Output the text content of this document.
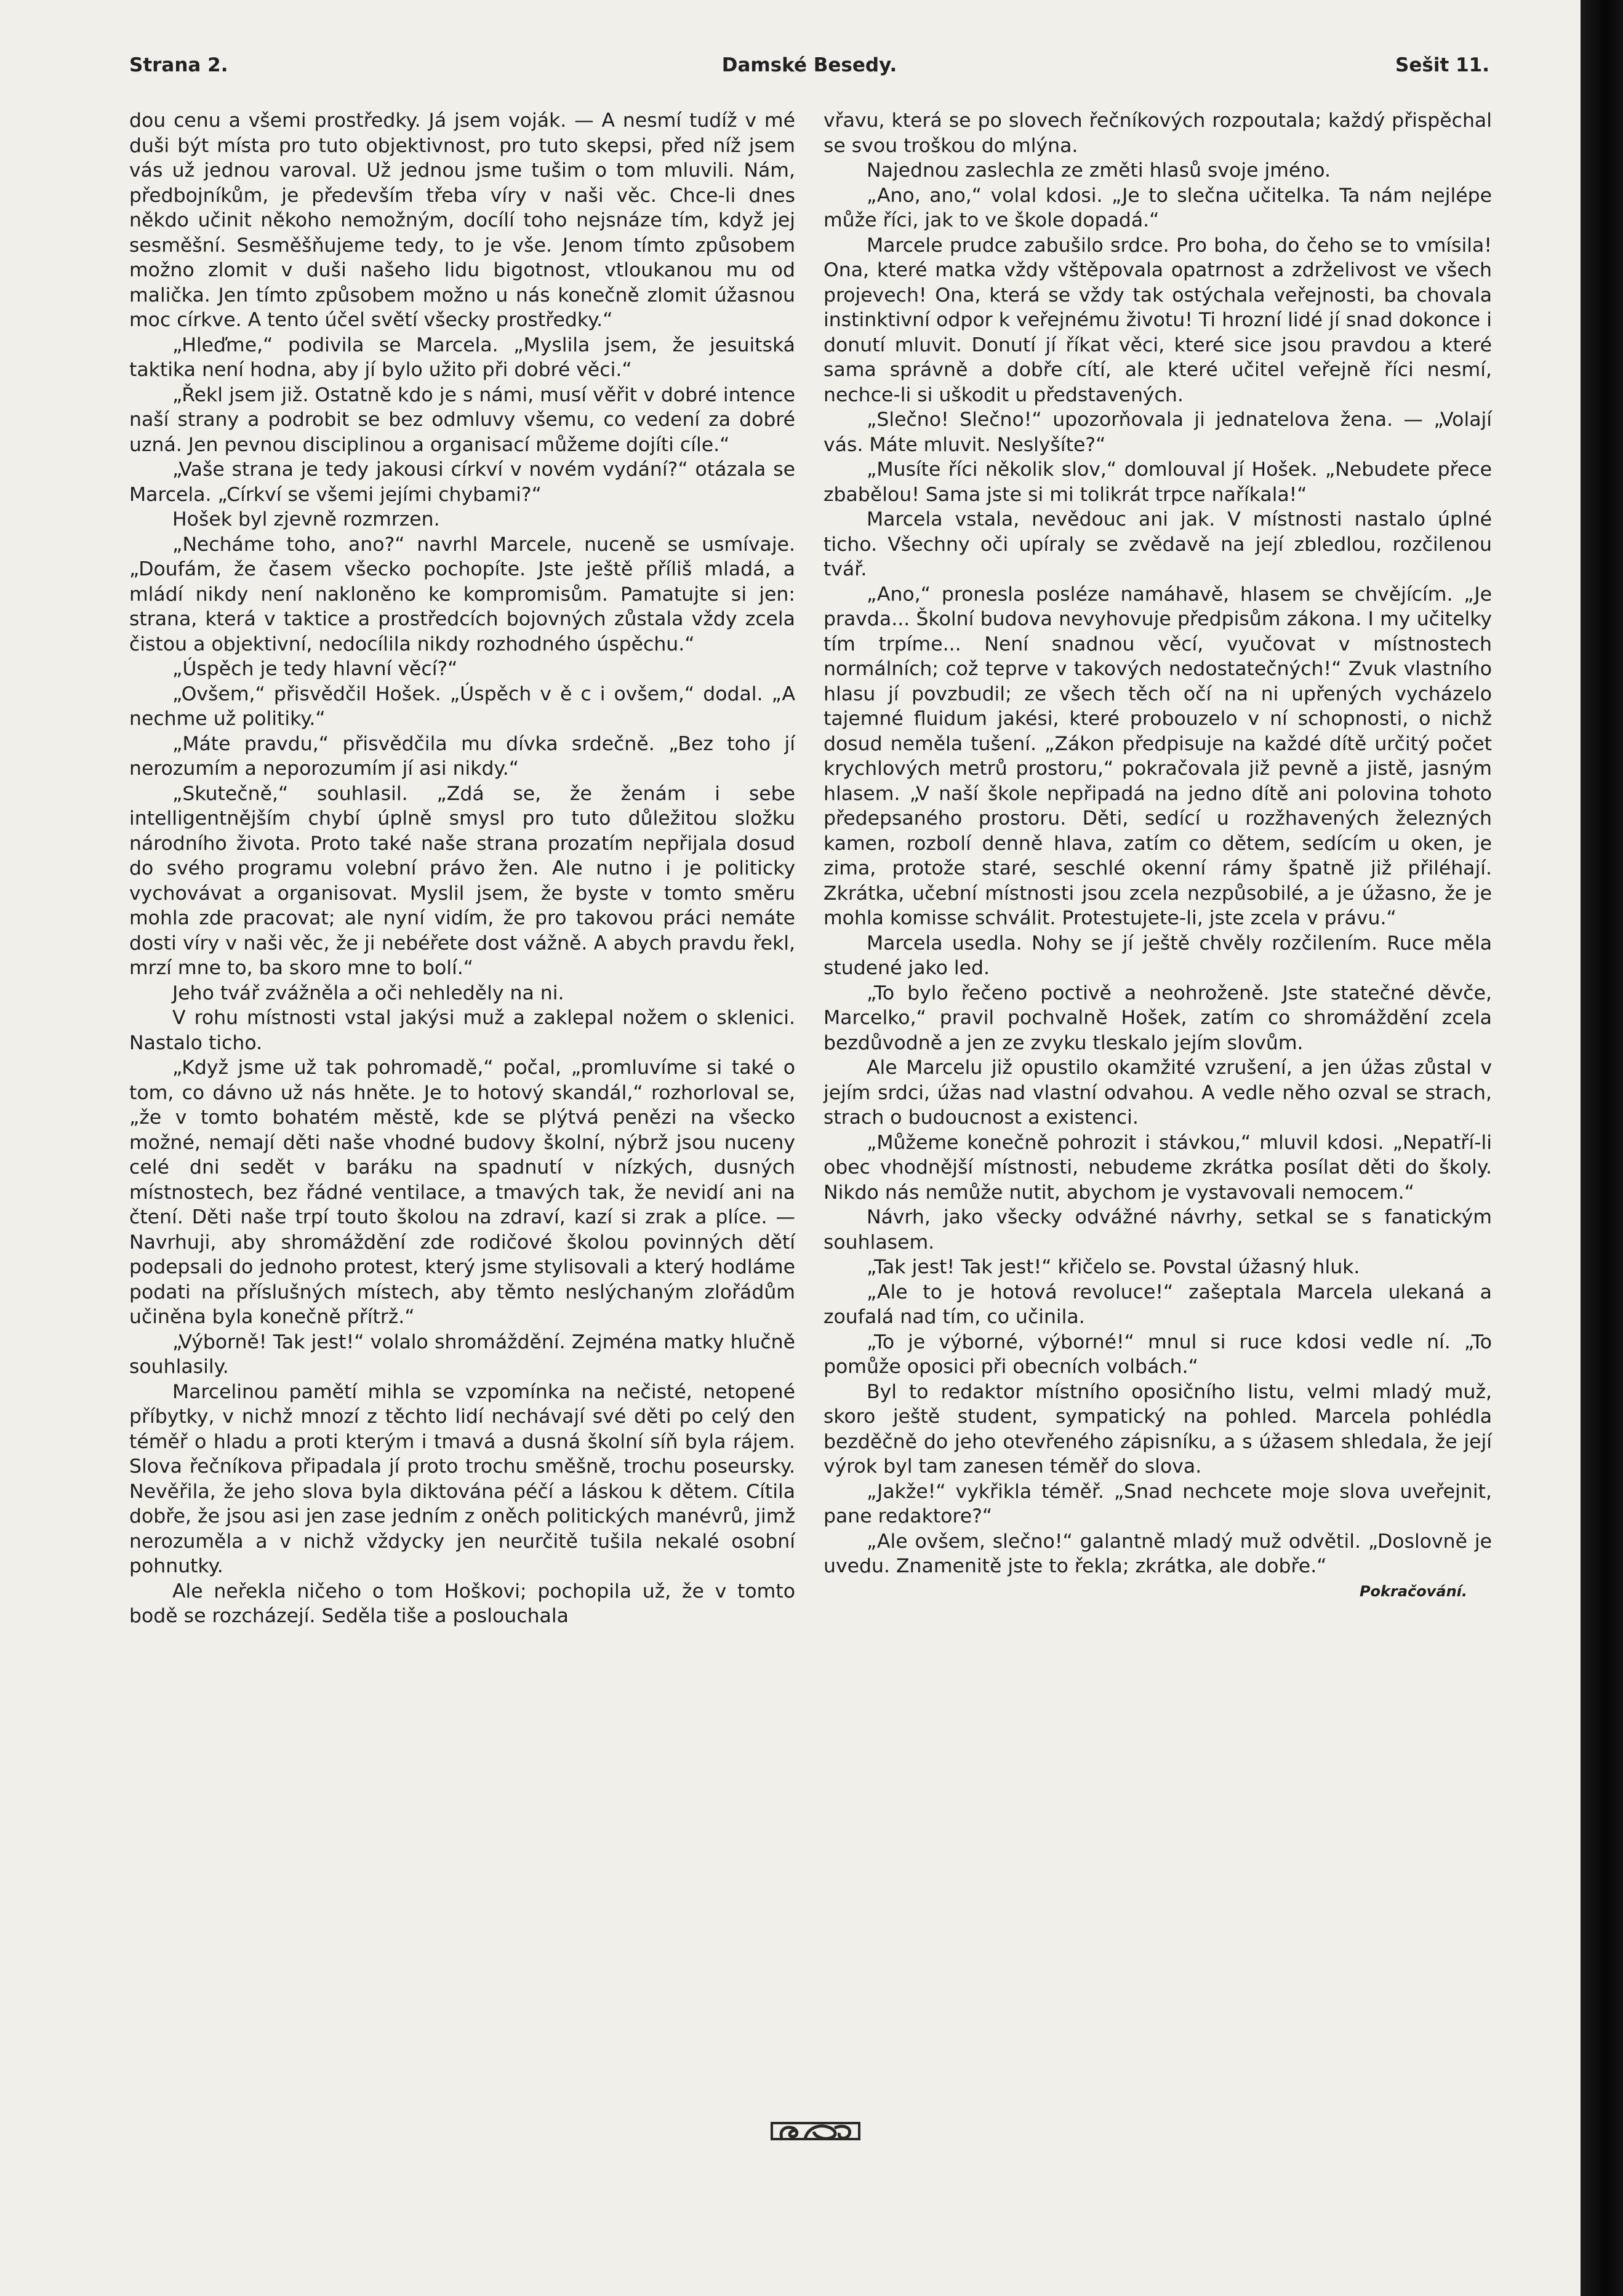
Strana 2.	Damské Besedy.	Sešit 11.

dou cenu a všemi prostředky. Já jsem voják. — A nesmí tudíž v mé duši být místa pro tuto objektivnost, pro tuto skepsi, před níž jsem vás už jednou varoval. Už jednou jsme tušim o tom mluvili. Nám, předbojníkům, je především třeba víry v naši věc. Chce-li dnes někdo učinit někoho nemožným, docílí toho nejsnáze tím, když jej sesměšní. Sesměšňujeme tedy, to je vše. Jenom tímto způsobem možno zlomit v duši našeho lidu bigotnost, vtloukanou mu od malička. Jen tímto způsobem možno u nás konečně zlomit úžasnou moc církve. A tento účel světí všecky prostředky.“

„Hleďme,“ podivila se Marcela. „Myslila jsem, že jesuitská taktika není hodna, aby jí bylo užito při dobré věci.“

„Řekl jsem již. Ostatně kdo je s námi, musí věřit v dobré intence naší strany a podrobit se bez odmluvy všemu, co vedení za dobré uzná. Jen pevnou disciplinou a organisací můžeme dojíti cíle.“

„Vaše strana je tedy jakousi církví v novém vydání?“ otázala se Marcela. „Církví se všemi jejími chybami?“

Hošek byl zjevně rozmrzen.

„Necháme toho, ano?“ navrhl Marcele, nuceně se usmívaje. „Doufám, že časem všecko pochopíte. Jste ještě příliš mladá, a mládí nikdy není nakloněno ke kompromisům. Pamatujte si jen: strana, která v taktice a prostředcích bojovných zůstala vždy zcela čistou a objektivní, nedocílila nikdy rozhodného úspěchu.“

„Úspěch je tedy hlavní věcí?“

„Ovšem,“ přisvědčil Hošek. „Úspěch v ě c i ovšem,“ dodal. „A nechme už politiky.“

„Máte pravdu,“ přisvědčila mu dívka srdečně. „Bez toho jí nerozumím a neporozumím jí asi nikdy.“

„Skutečně,“ souhlasil. „Zdá se, že ženám i sebe intelligentnějším chybí úplně smysl pro tuto důležitou složku národního života. Proto také naše strana prozatím nepřijala dosud do svého programu volební právo žen. Ale nutno i je politicky vychovávat a organisovat. Myslil jsem, že byste v tomto směru mohla zde pracovat; ale nyní vidím, že pro takovou práci nemáte dosti víry v naši věc, že ji nebéřete dost vážně. A abych pravdu řekl, mrzí mne to, ba skoro mne to bolí.“

Jeho tvář zvážněla a oči nehleděly na ni.

V rohu místnosti vstal jakýsi muž a zaklepal nožem o sklenici. Nastalo ticho.

„Když jsme už tak pohromadě,“ počal, „promluvíme si také o tom, co dávno už nás hněte. Je to hotový skandál,“ rozhorloval se, „že v tomto bohatém městě, kde se plýtvá penězi na všecko možné, nemají děti naše vhodné budovy školní, nýbrž jsou nuceny celé dni sedět v baráku na spadnutí v nízkých, dusných místnostech, bez řádné ventilace, a tmavých tak, že nevidí ani na čtení. Děti naše trpí touto školou na zdraví, kazí si zrak a plíce. — Navrhuji, aby shromáždění zde rodičové školou povinných dětí podepsali do jednoho protest, který jsme stylisovali a který hodláme podati na příslušných místech, aby těmto neslýchaným zlořádům učiněna byla konečně přítrž.“

„Výborně! Tak jest!“ volalo shromáždění. Zejména matky hlučně souhlasily.

Marcelinou pamětí mihla se vzpomínka na nečisté, netopené příbytky, v nichž mnozí z těchto lidí nechávají své děti po celý den téměř o hladu a proti kterým i tmavá a dusná školní síň byla rájem. Slova řečníkova připadala jí proto trochu směšně, trochu poseursky. Nevěřila, že jeho slova byla diktována péčí a láskou k dětem. Cítila dobře, že jsou asi jen zase jedním z oněch politických manévrů, jimž nerozuměla a v nichž vždycky jen neurčitě tušila nekalé osobní pohnutky.

Ale neřekla ničeho o tom Hoškovi; pochopila už, že v tomto bodě se rozcházejí. Seděla tiše a poslouchala

vřavu, která se po slovech řečníkových rozpoutala; každý přispěchal se svou troškou do mlýna.

Najednou zaslechla ze změti hlasů svoje jméno.

„Ano, ano,“ volal kdosi. „Je to slečna učitelka. Ta nám nejlépe může říci, jak to ve škole dopadá.“

Marcele prudce zabušilo srdce. Pro boha, do čeho se to vmísila! Ona, které matka vždy vštěpovala opatrnost a zdrželivost ve všech projevech! Ona, která se vždy tak ostýchala veřejnosti, ba chovala instinktivní odpor k veřejnému životu! Ti hrozní lidé jí snad dokonce i donutí mluvit. Donutí jí říkat věci, které sice jsou pravdou a které sama správně a dobře cítí, ale které učitel veřejně říci nesmí, nechce-li si uškodit u představených.

„Slečno! Slečno!“ upozorňovala ji jednatelova žena. — „Volají vás. Máte mluvit. Neslyšíte?“

„Musíte říci několik slov,“ domlouval jí Hošek. „Nebudete přece zbabělou! Sama jste si mi tolikrát trpce naříkala!“

Marcela vstala, nevědouc ani jak. V místnosti nastalo úplné ticho. Všechny oči upíraly se zvědavě na její zbledlou, rozčilenou tvář.

„Ano,“ pronesla posléze namáhavě, hlasem se chvějícím. „Je pravda... Školní budova nevyhovuje předpisům zákona. I my učitelky tím trpíme... Není snadnou věcí, vyučovat v místnostech normálních; což teprve v takových nedostatečných!“ Zvuk vlastního hlasu jí povzbudil; ze všech těch očí na ni upřených vycházelo tajemné fluidum jakési, které probouzelo v ní schopnosti, o nichž dosud neměla tušení. „Zákon předpisuje na každé dítě určitý počet krychlových metrů prostoru,“ pokračovala již pevně a jistě, jasným hlasem. „V naší škole nepřipadá na jedno dítě ani polovina tohoto předepsaného prostoru. Děti, sedící u rozžhavených železných kamen, rozbolí denně hlava, zatím co dětem, sedícím u oken, je zima, protože staré, seschlé okenní rámy špatně již přiléhají. Zkrátka, učební místnosti jsou zcela nezpůsobilé, a je úžasno, že je mohla komisse schválit. Protestujete-li, jste zcela v právu.“

Marcela usedla. Nohy se jí ještě chvěly rozčilením. Ruce měla studené jako led.

„To bylo řečeno poctivě a neohroženě. Jste statečné děvče, Marcelko,“ pravil pochvalně Hošek, zatím co shromáždění zcela bezdůvodně a jen ze zvyku tleskalo jejím slovům.

Ale Marcelu již opustilo okamžité vzrušení, a jen úžas zůstal v jejím srdci, úžas nad vlastní odvahou. A vedle něho ozval se strach, strach o budoucnost a existenci.

„Můžeme konečně pohrozit i stávkou,“ mluvil kdosi. „Nepatří-li obec vhodnější místnosti, nebudeme zkrátka posílat děti do školy. Nikdo nás nemůže nutit, abychom je vystavovali nemocem.“

Návrh, jako všecky odvážné návrhy, setkal se s fanatickým souhlasem.

„Tak jest! Tak jest!“ křičelo se. Povstal úžasný hluk.

„Ale to je hotová revoluce!“ zašeptala Marcela ulekaná a zoufalá nad tím, co učinila.

„To je výborné, výborné!“ mnul si ruce kdosi vedle ní. „To pomůže oposici při obecních volbách.“

Byl to redaktor místního oposičního listu, velmi mladý muž, skoro ještě student, sympatický na pohled. Marcela pohlédla bezděčně do jeho otevřeného zápisníku, a s úžasem shledala, že její výrok byl tam zanesen téměř do slova.

„Jakže!“ vykřikla téměř. „Snad nechcete moje slova uveřejnit, pane redaktore?“

„Ale ovšem, slečno!“ galantně mladý muž odvětil. „Doslovně je uvedu. Znamenitě jste to řekla; zkrátka, ale dobře.“

Pokračování.
